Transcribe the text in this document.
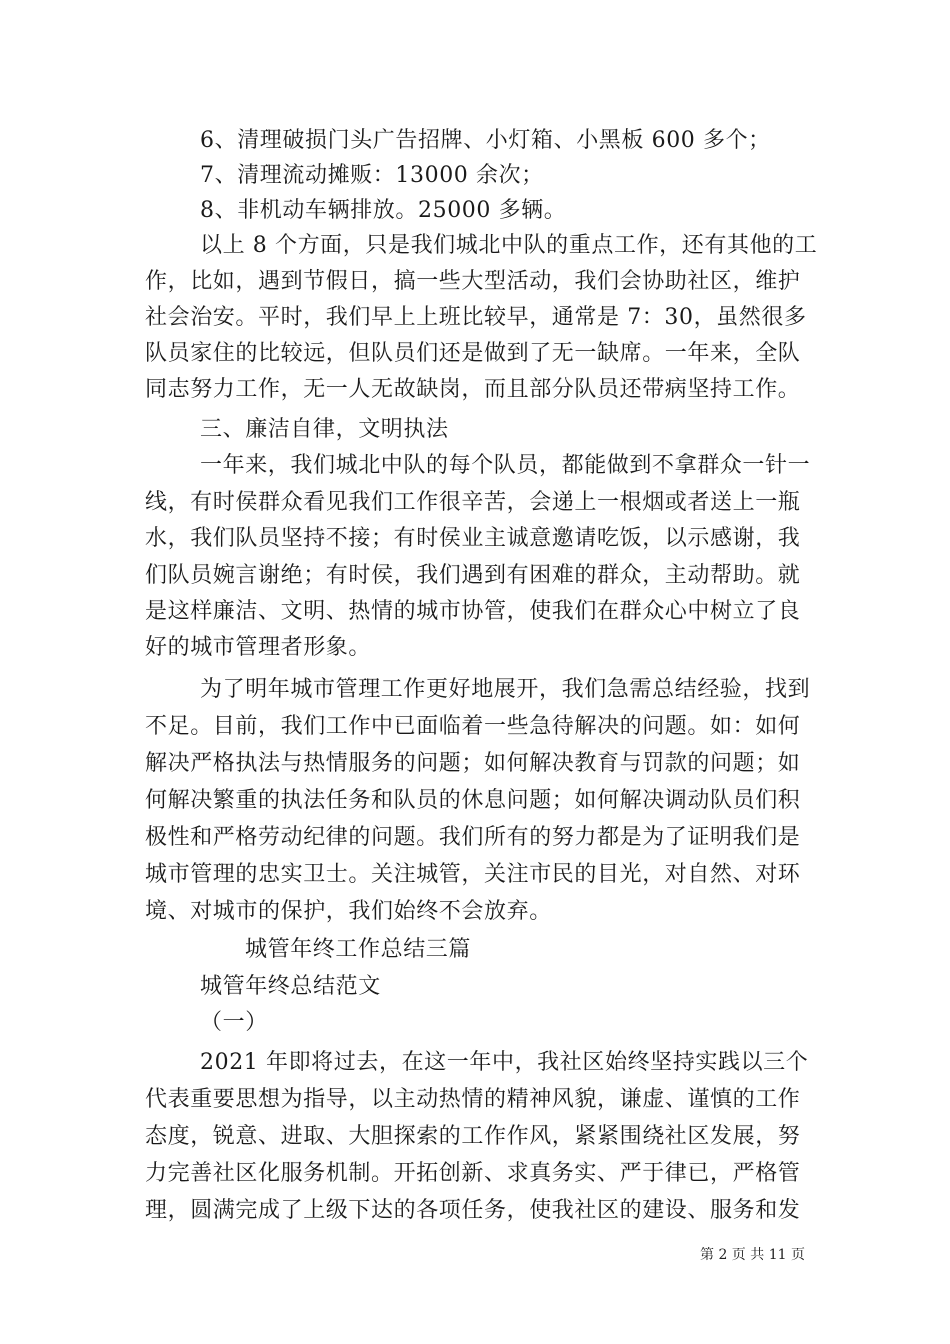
6、清理破损门头广告招牌、小灯箱、小黑板 600 多个；
7、清理流动摊贩：13000 余次；
8、非机动车辆排放。25000 多辆。
以上 8 个方面，只是我们城北中队的重点工作，还有其他的工
作，比如，遇到节假日，搞一些大型活动，我们会协助社区，维护
社会治安。平时，我们早上上班比较早，通常是 7：30，虽然很多
队员家住的比较远，但队员们还是做到了无一缺席。一年来，全队
同志努力工作，无一人无故缺岗，而且部分队员还带病坚持工作。
三、廉洁自律，文明执法
一年来，我们城北中队的每个队员，都能做到不拿群众一针一
线，有时侯群众看见我们工作很辛苦，会递上一根烟或者送上一瓶
水，我们队员坚持不接；有时侯业主诚意邀请吃饭，以示感谢，我
们队员婉言谢绝；有时侯，我们遇到有困难的群众，主动帮助。就
是这样廉洁、文明、热情的城市协管，使我们在群众心中树立了良
好的城市管理者形象。
为了明年城市管理工作更好地展开，我们急需总结经验，找到
不足。目前，我们工作中已面临着一些急待解决的问题。如：如何
解决严格执法与热情服务的问题；如何解决教育与罚款的问题；如
何解决繁重的执法任务和队员的休息问题；如何解决调动队员们积
极性和严格劳动纪律的问题。我们所有的努力都是为了证明我们是
城市管理的忠实卫士。关注城管，关注市民的目光，对自然、对环
境、对城市的保护，我们始终不会放弃。
城管年终工作总结三篇
城管年终总结范文
（一）
2021 年即将过去，在这一年中，我社区始终坚持实践以三个
代表重要思想为指导，以主动热情的精神风貌，谦虚、谨慎的工作
态度，锐意、进取、大胆探索的工作作风，紧紧围绕社区发展，努
力完善社区化服务机制。开拓创新、求真务实、严于律已，严格管
理，圆满完成了上级下达的各项任务，使我社区的建设、服务和发
第 2 页 共 11 页
